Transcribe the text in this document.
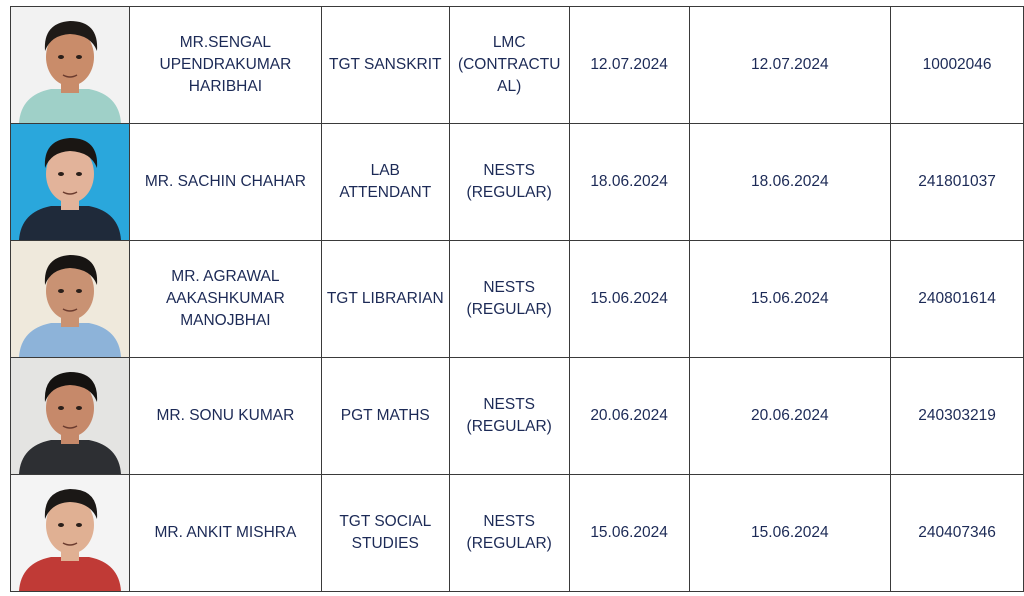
	MR.SENGAL UPENDRAKUMAR HARIBHAI	TGT SANSKRIT	LMC (CONTRACTU AL)	12.07.2024	12.07.2024	10002046

	MR. SACHIN CHAHAR	LAB ATTENDANT	NESTS (REGULAR)	18.06.2024	18.06.2024	241801037

	MR. AGRAWAL AAKASHKUMAR MANOJBHAI	TGT LIBRARIAN	NESTS (REGULAR)	15.06.2024	15.06.2024	240801614

	MR. SONU KUMAR	PGT MATHS	NESTS (REGULAR)	20.06.2024	20.06.2024	240303219

	MR. ANKIT MISHRA	TGT SOCIAL STUDIES	NESTS (REGULAR)	15.06.2024	15.06.2024	240407346
